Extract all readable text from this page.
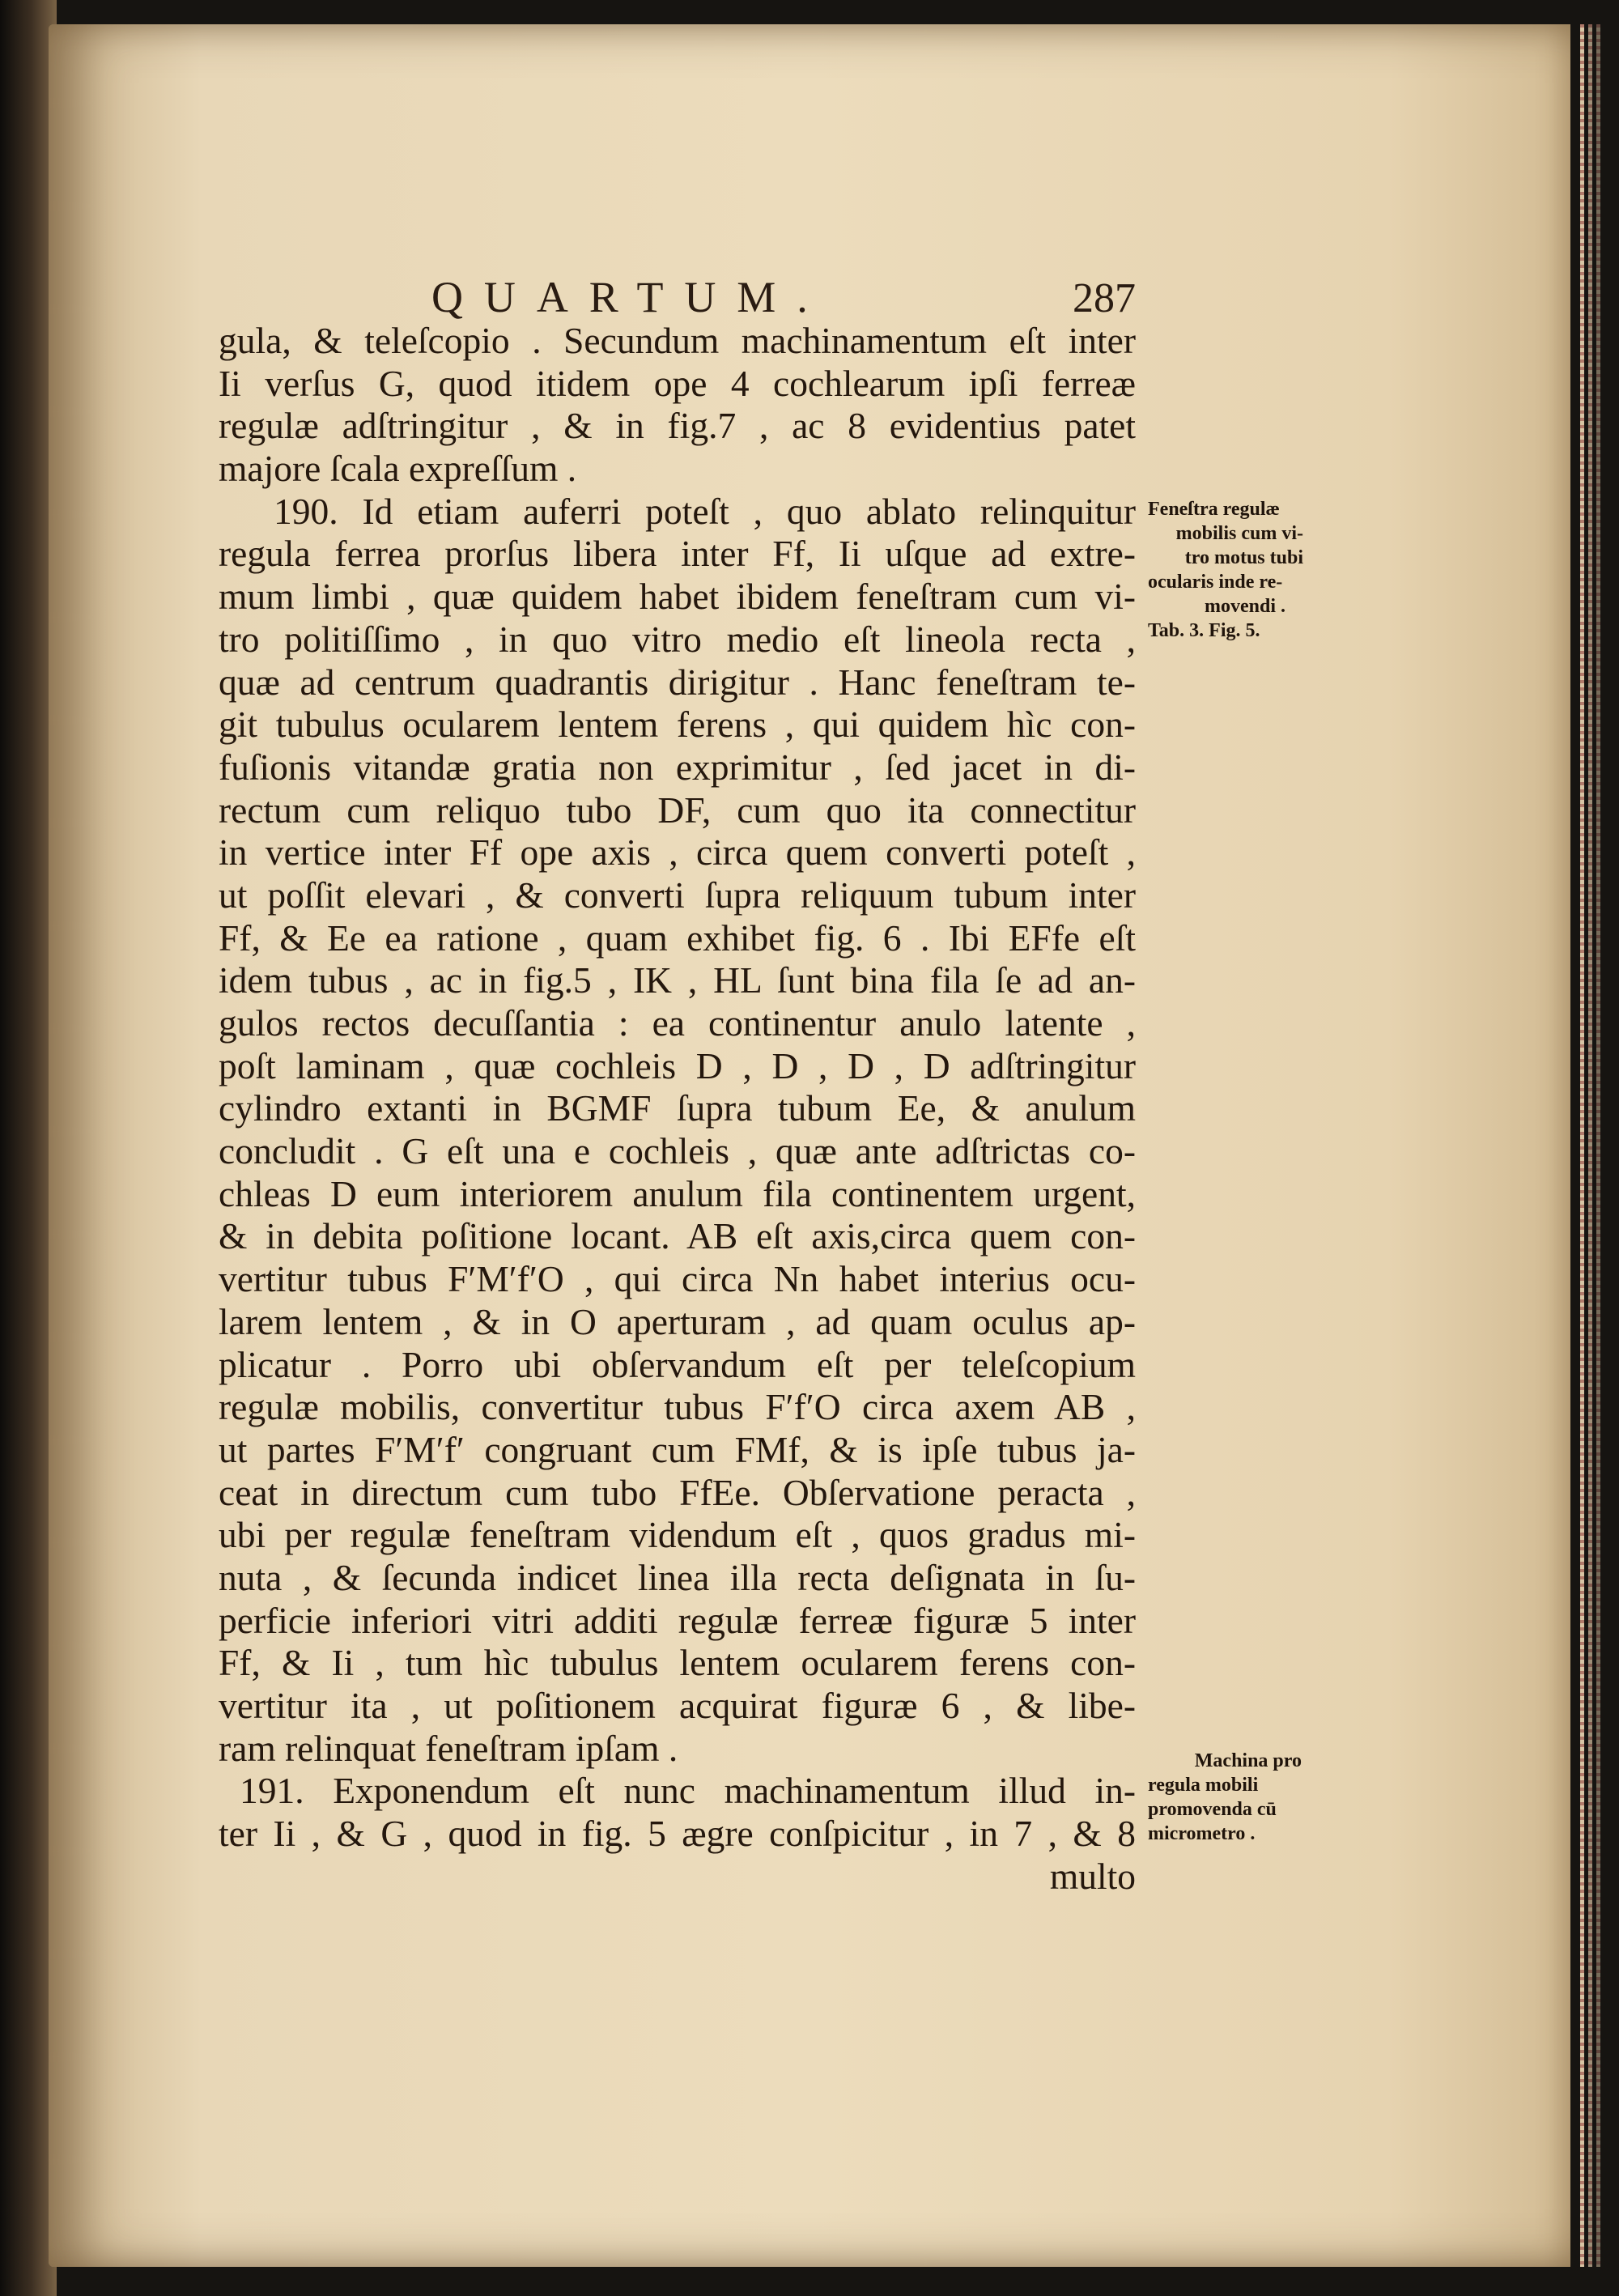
QUARTUM.	287
gula, & teleſcopio . Secundum machinamentum eſt inter
Ii verſus G, quod itidem ope 4 cochlearum ipſi ferreæ
regulæ adſtringitur , & in fig.7 , ac 8 evidentius patet
majore ſcala expreſſum .
190. Id etiam auferri poteſt , quo ablato relinquitur
regula ferrea prorſus libera inter Ff, Ii uſque ad extre-
mum limbi , quæ quidem habet ibidem feneſtram cum vi-
tro politiſſimo , in quo vitro medio eſt lineola recta ,
quæ ad centrum quadrantis dirigitur . Hanc feneſtram te-
git tubulus ocularem lentem ferens , qui quidem hìc con-
fuſionis vitandæ gratia non exprimitur , ſed jacet in di-
rectum cum reliquo tubo DF, cum quo ita connectitur
in vertice inter Ff ope axis , circa quem converti poteſt ,
ut poſſit elevari , & converti ſupra reliquum tubum inter
Ff, & Ee ea ratione , quam exhibet fig. 6 . Ibi EFfe eſt
idem tubus , ac in fig.5 , IK , HL ſunt bina fila ſe ad an-
gulos rectos decuſſantia : ea continentur anulo latente ,
poſt laminam , quæ cochleis D , D , D , D adſtringitur
cylindro extanti in BGMF ſupra tubum Ee, & anulum
concludit . G eſt una e cochleis , quæ ante adſtrictas co-
chleas D eum interiorem anulum fila continentem urgent,
& in debita poſitione locant. AB eſt axis,circa quem con-
vertitur tubus F′M′f′O , qui circa Nn habet interius ocu-
larem lentem , & in O aperturam , ad quam oculus ap-
plicatur . Porro ubi obſervandum eſt per teleſcopium
regulæ mobilis, convertitur tubus F′f′O circa axem AB ,
ut partes F′M′f′ congruant cum FMf, & is ipſe tubus ja-
ceat in directum cum tubo FfEe. Obſervatione peracta ,
ubi per regulæ feneſtram videndum eſt , quos gradus mi-
nuta , & ſecunda indicet linea illa recta deſignata in ſu-
perficie inferiori vitri additi regulæ ferreæ figuræ 5 inter
Ff, & Ii , tum hìc tubulus lentem ocularem ferens con-
vertitur ita , ut poſitionem acquirat figuræ 6 , & libe-
ram relinquat feneſtram ipſam .
191. Exponendum eſt nunc machinamentum illud in-
ter Ii , & G , quod in fig. 5 ægre conſpicitur , in 7 , & 8
multo
Feneſtra regulæ
mobilis cum vi-
tro motus tubi
ocularis inde re-
movendi .
Tab. 3. Fig. 5.
Machina pro
regula mobili
promovenda cū
micrometro .
